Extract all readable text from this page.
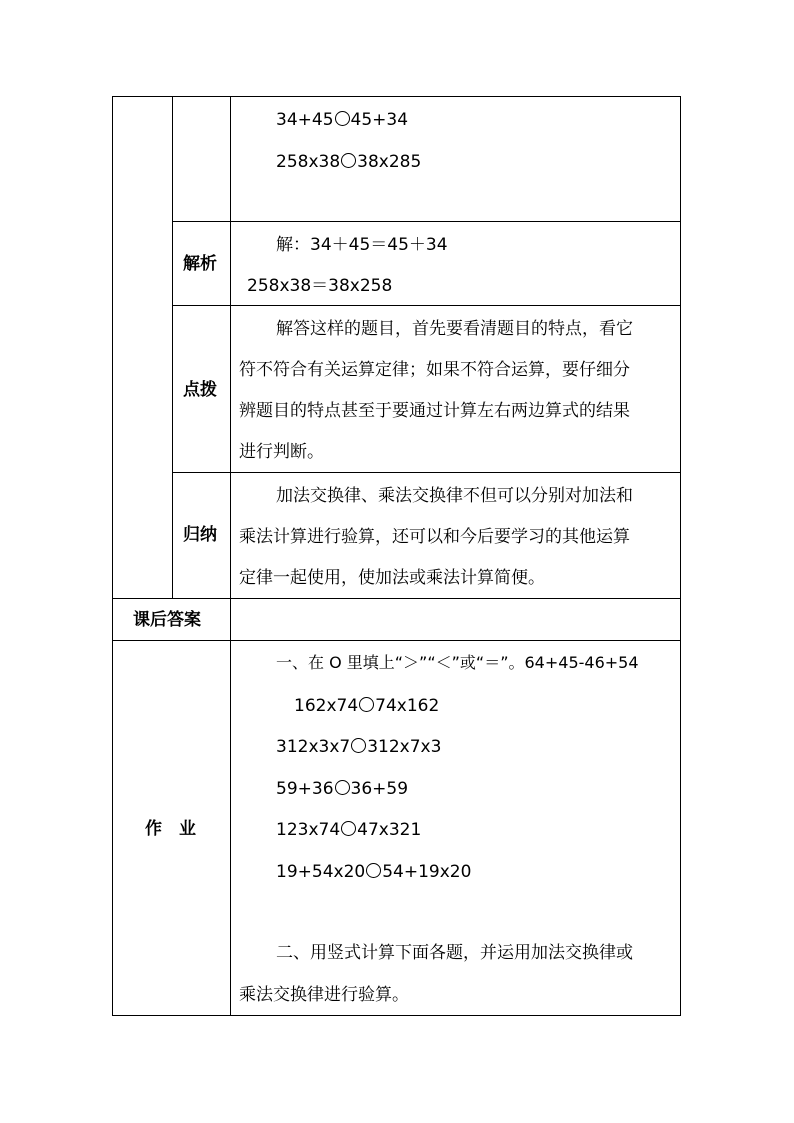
34+45 45+34
258x38 38x285
解析
解：34＋45＝45＋34
258x38＝38x258
点拨
解答这样的题目，首先要看清题目的特点，看它
符不符合有关运算定律；如果不符合运算，要仔细分
辨题目的特点甚至于要通过计算左右两边算式的结果
进行判断。
归纳
加法交换律、乘法交换律不但可以分别对加法和
乘法计算进行验算，还可以和今后要学习的其他运算
定律一起使用，使加法或乘法计算简便。
课后答案
作　业
一、在 O 里填上“＞”“＜”或“＝”。64+45-46+54
162x74 74x162
312x3x7 312x7x3
59+36 36+59
123x74 47x321
19+54x20 54+19x20
二、用竖式计算下面各题，并运用加法交换律或
乘法交换律进行验算。
